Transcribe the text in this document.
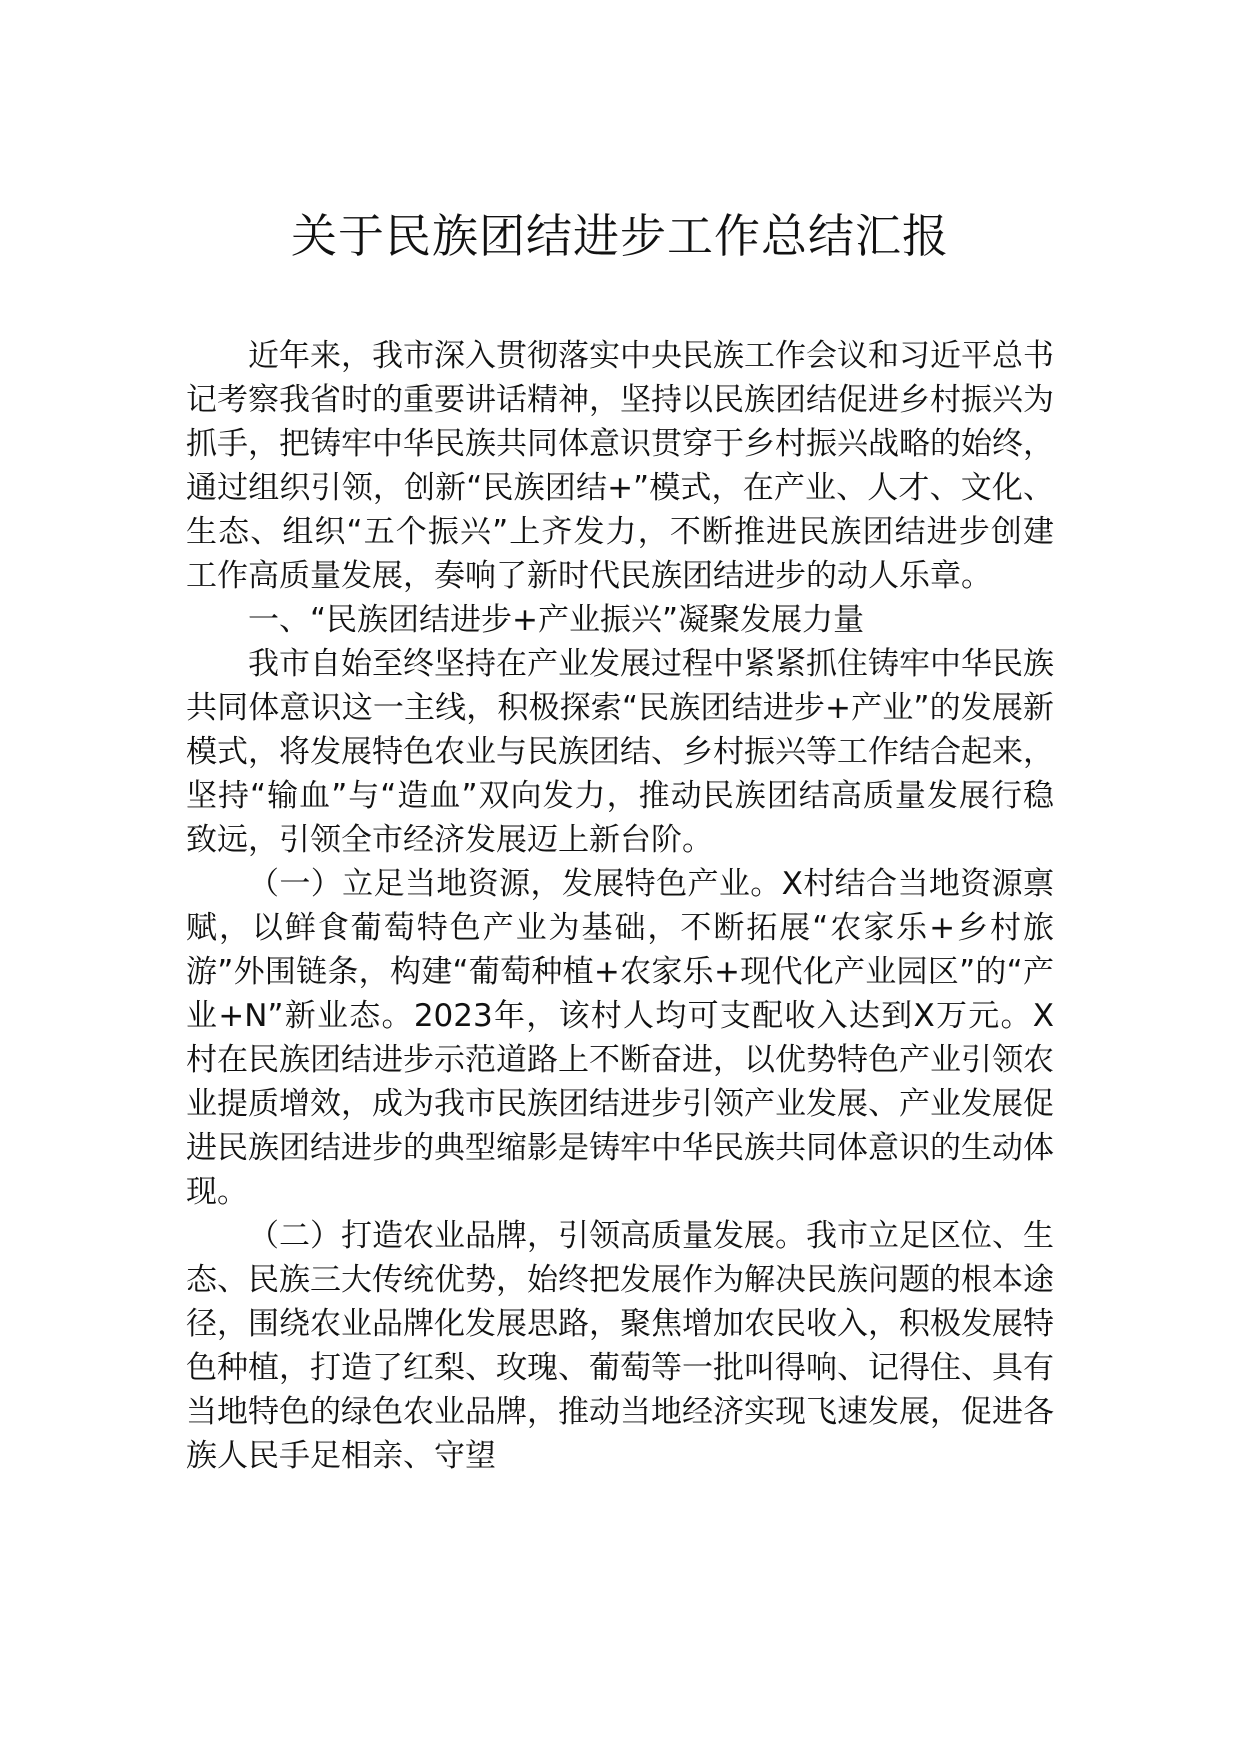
关于民族团结进步工作总结汇报

近年来，我市深入贯彻落实中央民族工作会议和习近平总书记考察我省时的重要讲话精神，坚持以民族团结促进乡村振兴为抓手，把铸牢中华民族共同体意识贯穿于乡村振兴战略的始终，通过组织引领，创新“民族团结+”模式，在产业、人才、文化、生态、组织“五个振兴”上齐发力，不断推进民族团结进步创建工作高质量发展，奏响了新时代民族团结进步的动人乐章。

一、“民族团结进步+产业振兴”凝聚发展力量

我市自始至终坚持在产业发展过程中紧紧抓住铸牢中华民族共同体意识这一主线，积极探索“民族团结进步+产业”的发展新模式，将发展特色农业与民族团结、乡村振兴等工作结合起来，坚持“输血”与“造血”双向发力，推动民族团结高质量发展行稳致远，引领全市经济发展迈上新台阶。

（一）立足当地资源，发展特色产业。X村结合当地资源禀赋，以鲜食葡萄特色产业为基础，不断拓展“农家乐+乡村旅游”外围链条，构建“葡萄种植+农家乐+现代化产业园区”的“产业+N”新业态。2023年，该村人均可支配收入达到X万元。X村在民族团结进步示范道路上不断奋进，以优势特色产业引领农业提质增效，成为我市民族团结进步引领产业发展、产业发展促进民族团结进步的典型缩影是铸牢中华民族共同体意识的生动体现。

（二）打造农业品牌，引领高质量发展。我市立足区位、生态、民族三大传统优势，始终把发展作为解决民族问题的根本途径，围绕农业品牌化发展思路，聚焦增加农民收入，积极发展特色种植，打造了红梨、玫瑰、葡萄等一批叫得响、记得住、具有当地特色的绿色农业品牌，推动当地经济实现飞速发展，促进各族人民手足相亲、守望
